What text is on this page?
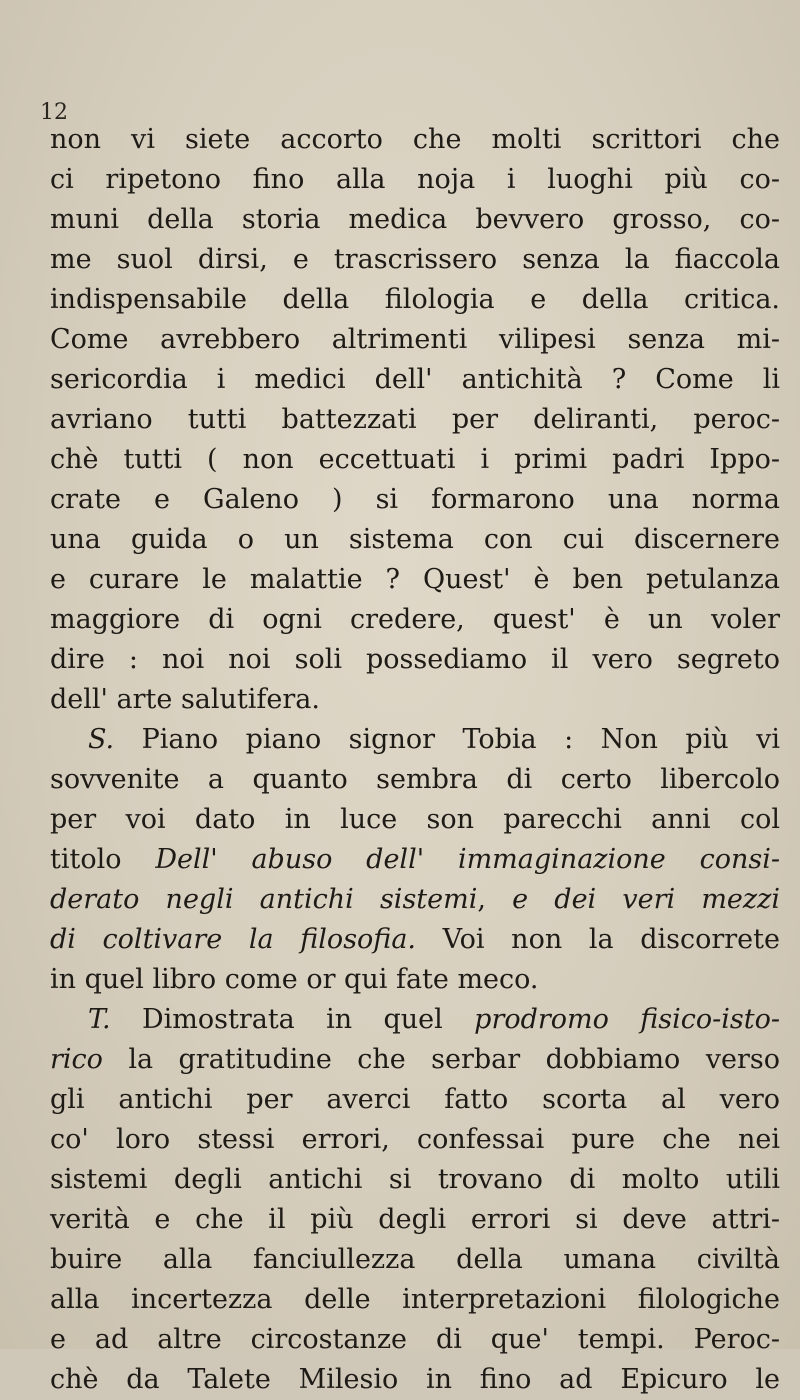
12
non vi siete accorto che molti scrittori che
ci ripetono fino alla noja i luoghi più co-
muni della storia medica bevvero grosso, co-
me suol dirsi, e trascrissero senza la fiaccola
indispensabile della filologia e della critica.
Come avrebbero altrimenti vilipesi senza mi-
sericordia i medici dell' antichità ? Come li
avriano tutti battezzati per deliranti, peroc-
chè tutti ( non eccettuati i primi padri Ippo-
crate e Galeno ) si formarono una norma
una guida o un sistema con cui discernere
e curare le malattie ? Quest' è ben petulanza
maggiore di ogni credere, quest' è un voler
dire : noi noi soli possediamo il vero segreto
dell' arte salutifera.
S. Piano piano signor Tobia : Non più vi
sovvenite a quanto sembra di certo libercolo
per voi dato in luce son parecchi anni col
titolo Dell' abuso dell' immaginazione consi-
derato negli antichi sistemi, e dei veri mezzi
di coltivare la filosofia. Voi non la discorrete
in quel libro come or qui fate meco.
T. Dimostrata in quel prodromo fisico-isto-
rico la gratitudine che serbar dobbiamo verso
gli antichi per averci fatto scorta al vero
co' loro stessi errori, confessai pure che nei
sistemi degli antichi si trovano di molto utili
verità e che il più degli errori si deve attri-
buire alla fanciullezza della umana civiltà
alla incertezza delle interpretazioni filologiche
e ad altre circostanze di que' tempi. Peroc-
chè da Talete Milesio in fino ad Epicuro le
